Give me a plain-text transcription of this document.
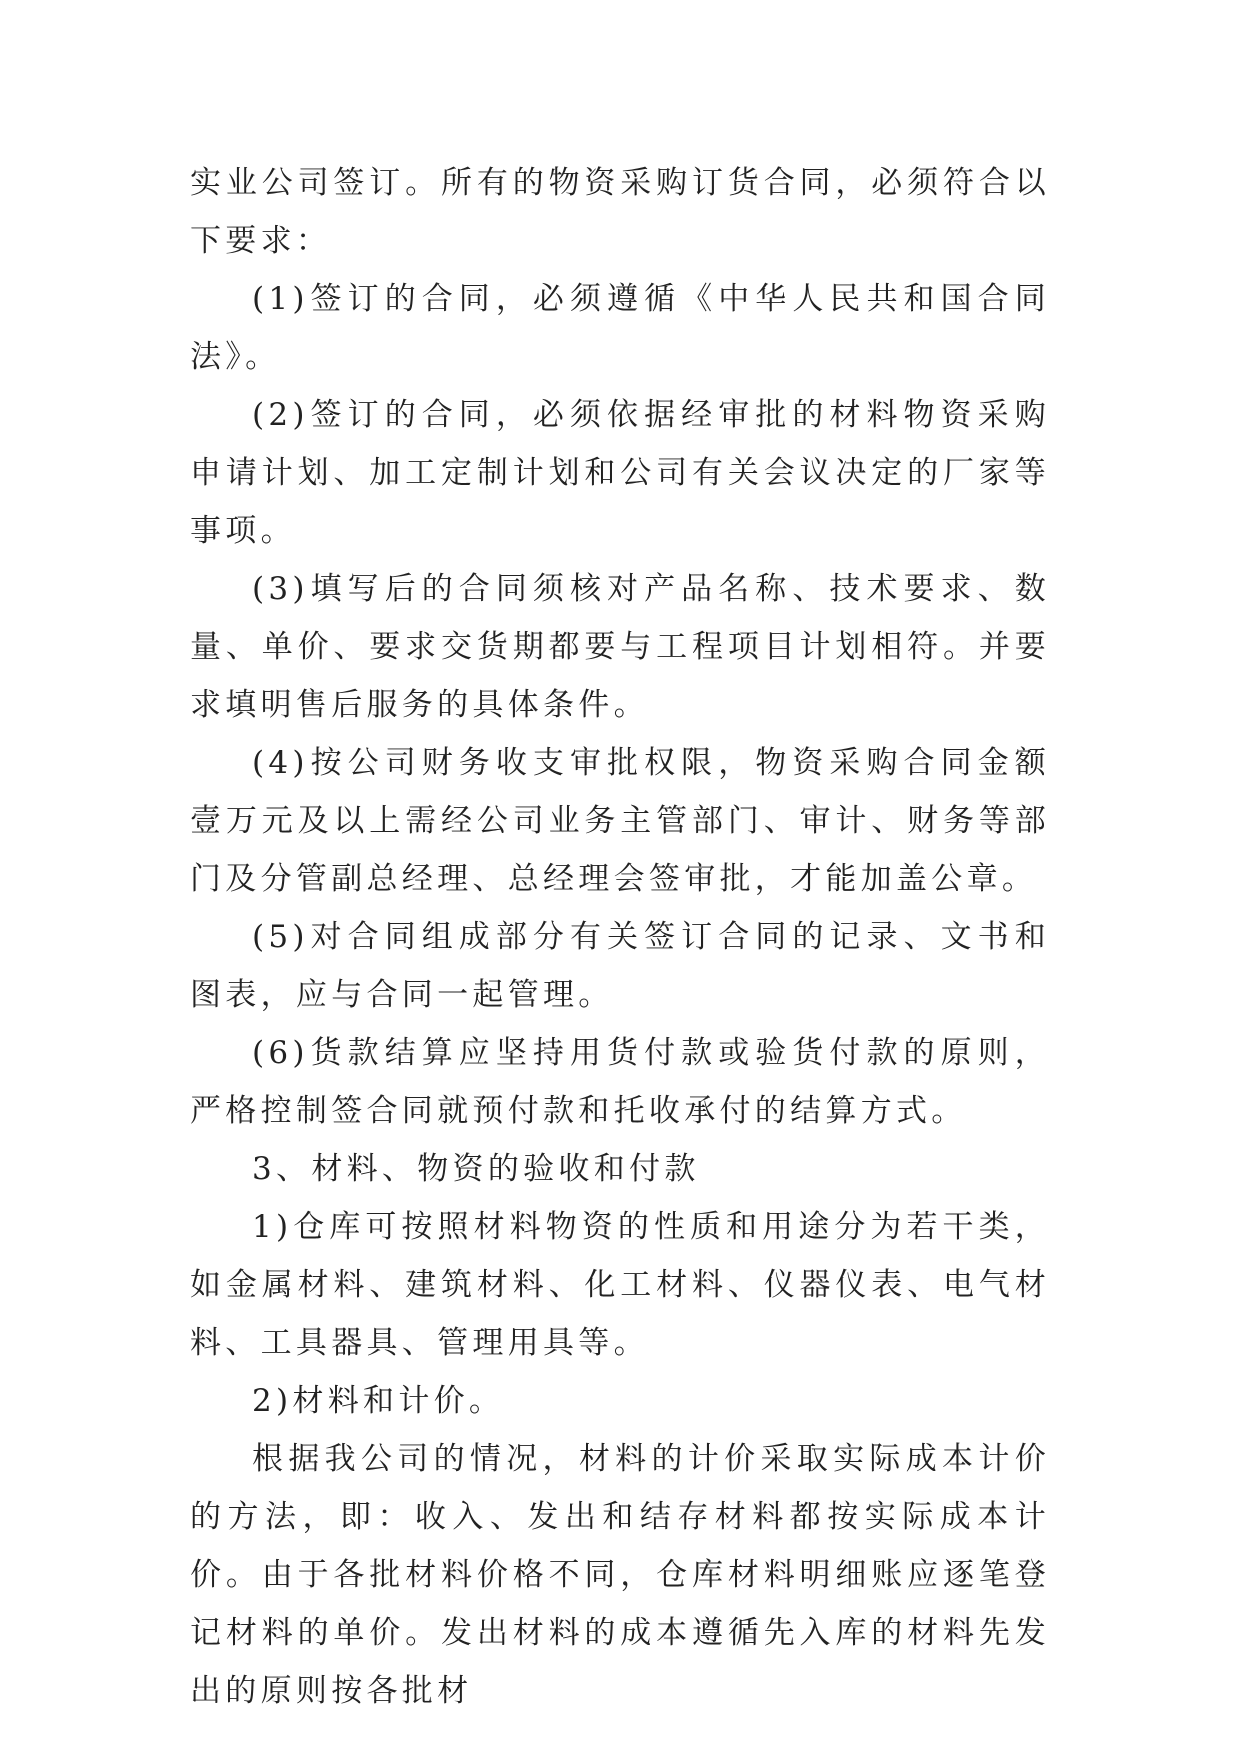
实业公司签订。所有的物资采购订货合同，必须符合以下要求：

(1)签订的合同，必须遵循《中华人民共和国合同法》。

(2)签订的合同，必须依据经审批的材料物资采购申请计划、加工定制计划和公司有关会议决定的厂家等事项。

(3)填写后的合同须核对产品名称、技术要求、数量、单价、要求交货期都要与工程项目计划相符。并要求填明售后服务的具体条件。

(4)按公司财务收支审批权限，物资采购合同金额壹万元及以上需经公司业务主管部门、审计、财务等部门及分管副总经理、总经理会签审批，才能加盖公章。

(5)对合同组成部分有关签订合同的记录、文书和图表，应与合同一起管理。

(6)货款结算应坚持用货付款或验货付款的原则，严格控制签合同就预付款和托收承付的结算方式。

3、材料、物资的验收和付款

1)仓库可按照材料物资的性质和用途分为若干类，如金属材料、建筑材料、化工材料、仪器仪表、电气材料、工具器具、管理用具等。

2)材料和计价。

根据我公司的情况，材料的计价采取实际成本计价的方法，即：收入、发出和结存材料都按实际成本计价。由于各批材料价格不同，仓库材料明细账应逐笔登记材料的单价。发出材料的成本遵循先入库的材料先发出的原则按各批材
